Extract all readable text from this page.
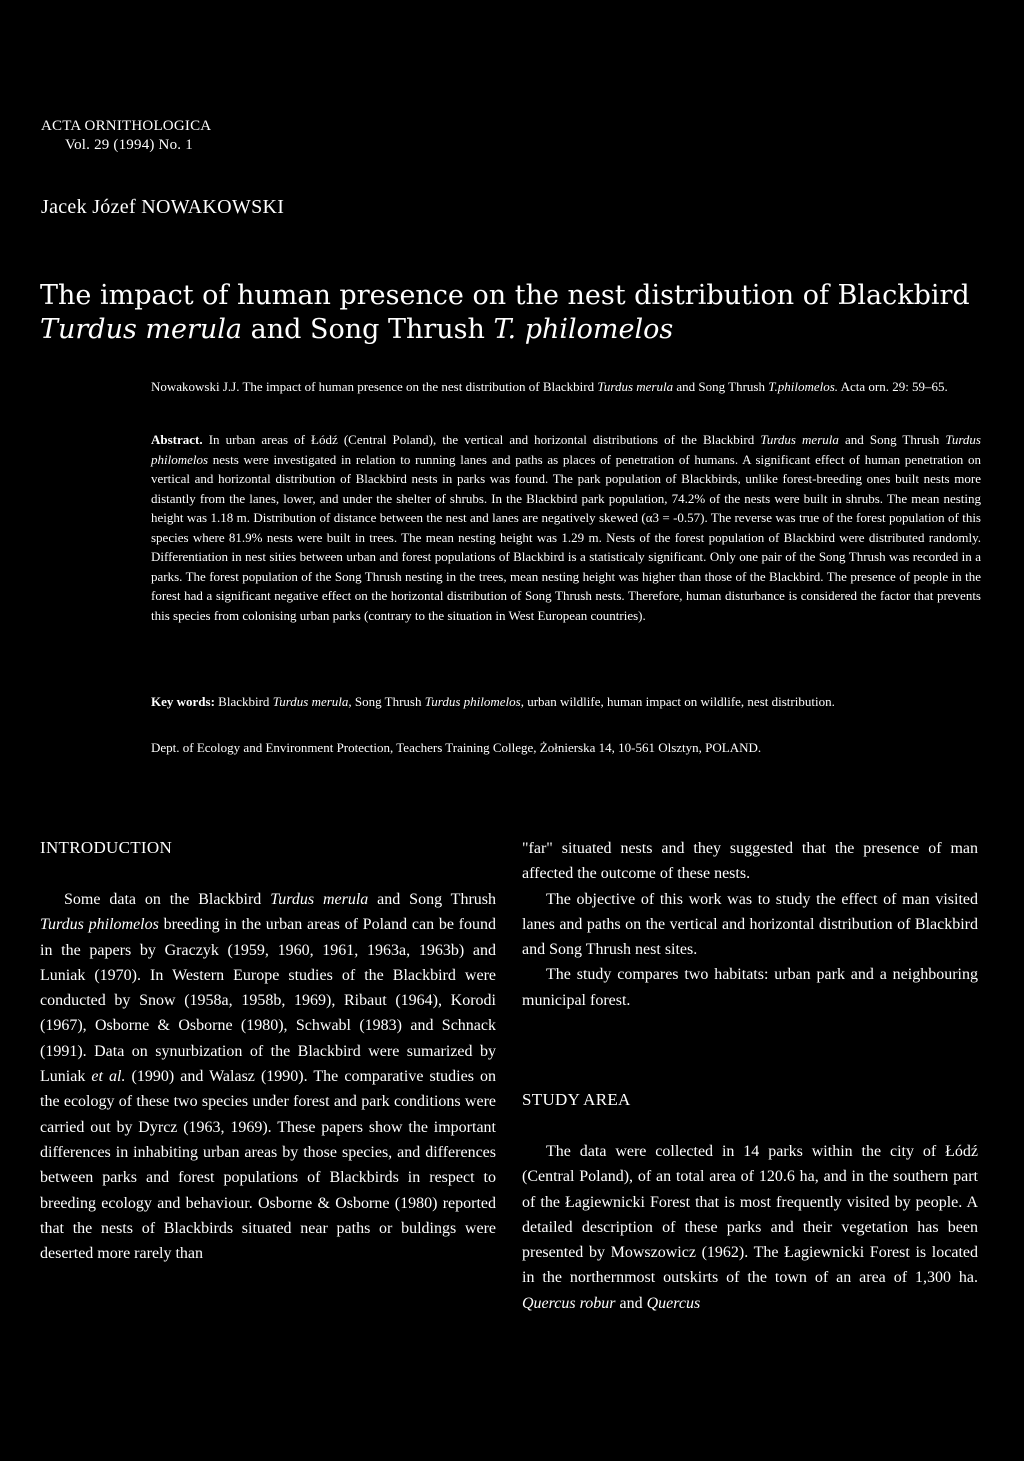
ACTA ORNITHOLOGICA
Vol. 29 (1994) No. 1
Jacek Józef NOWAKOWSKI
The impact of human presence on the nest distribution of Blackbird
Turdus merula and Song Thrush T. philomelos
Nowakowski J.J. The impact of human presence on the nest distribution of Blackbird Turdus merula and Song Thrush T.philomelos. Acta orn. 29: 59–65.
Abstract. In urban areas of Łódź (Central Poland), the vertical and horizontal distributions of the Blackbird Turdus merula and Song Thrush Turdus philomelos nests were investigated in relation to running lanes and paths as places of penetration of humans. A significant effect of human penetration on vertical and horizontal distribution of Blackbird nests in parks was found. The park population of Blackbirds, unlike forest-breeding ones built nests more distantly from the lanes, lower, and under the shelter of shrubs. In the Blackbird park population, 74.2% of the nests were built in shrubs. The mean nesting height was 1.18 m. Distribution of distance between the nest and lanes are negatively skewed (α3 = -0.57). The reverse was true of the forest population of this species where 81.9% nests were built in trees. The mean nesting height was 1.29 m. Nests of the forest population of Blackbird were distributed randomly. Differentiation in nest sities between urban and forest populations of Blackbird is a statisticaly significant. Only one pair of the Song Thrush was recorded in a parks. The forest population of the Song Thrush nesting in the trees, mean nesting height was higher than those of the Blackbird. The presence of people in the forest had a significant negative effect on the horizontal distribution of Song Thrush nests. Therefore, human disturbance is considered the factor that prevents this species from colonising urban parks (contrary to the situation in West European countries).
Key words: Blackbird Turdus merula, Song Thrush Turdus philomelos, urban wildlife, human impact on wildlife, nest distribution.
Dept. of Ecology and Environment Protection, Teachers Training College, Żołnierska 14, 10-561 Olsztyn, POLAND.
INTRODUCTION

Some data on the Blackbird Turdus merula and Song Thrush Turdus philomelos breeding in the urban areas of Poland can be found in the papers by Graczyk (1959, 1960, 1961, 1963a, 1963b) and Luniak (1970). In Western Europe studies of the Blackbird were conducted by Snow (1958a, 1958b, 1969), Ribaut (1964), Korodi (1967), Osborne & Osborne (1980), Schwabl (1983) and Schnack (1991). Data on synurbization of the Blackbird were sumarized by Luniak et al. (1990) and Walasz (1990). The comparative studies on the ecology of these two species under forest and park conditions were carried out by Dyrcz (1963, 1969). These papers show the important differences in inhabiting urban areas by those species, and differences between parks and forest populations of Blackbirds in respect to breeding ecology and behaviour. Osborne & Osborne (1980) reported that the nests of Blackbirds situated near paths or buldings were deserted more rarely than

"far" situated nests and they suggested that the presence of man affected the outcome of these nests.

The objective of this work was to study the effect of man visited lanes and paths on the vertical and horizontal distribution of Blackbird and Song Thrush nest sites.

The study compares two habitats: urban park and a neighbouring municipal forest.

STUDY AREA

The data were collected in 14 parks within the city of Łódź (Central Poland), of an total area of 120.6 ha, and in the southern part of the Łagiewnicki Forest that is most frequently visited by people. A detailed description of these parks and their vegetation has been presented by Mowszowicz (1962). The Łagiewnicki Forest is located in the northernmost outskirts of the town of an area of 1,300 ha. Quercus robur and Quercus
